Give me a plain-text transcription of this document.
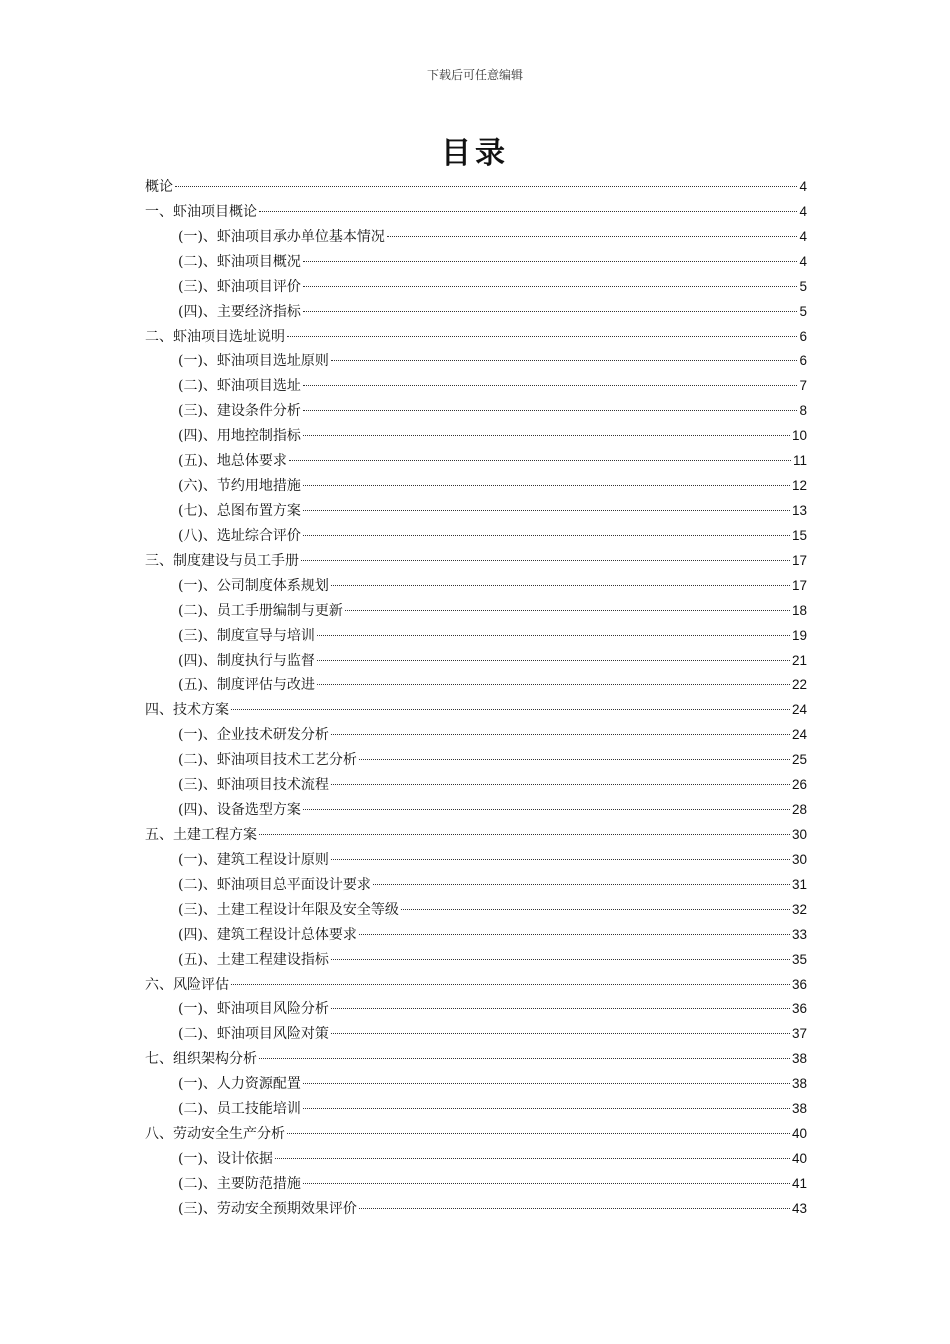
下载后可任意编辑
目录
概论	4
一、虾油项目概论	4
(一)、虾油项目承办单位基本情况	4
(二)、虾油项目概况	4
(三)、虾油项目评价	5
(四)、主要经济指标	5
二、虾油项目选址说明	6
(一)、虾油项目选址原则	6
(二)、虾油项目选址	7
(三)、建设条件分析	8
(四)、用地控制指标	10
(五)、地总体要求	11
(六)、节约用地措施	12
(七)、总图布置方案	13
(八)、选址综合评价	15
三、制度建设与员工手册	17
(一)、公司制度体系规划	17
(二)、员工手册编制与更新	18
(三)、制度宣导与培训	19
(四)、制度执行与监督	21
(五)、制度评估与改进	22
四、技术方案	24
(一)、企业技术研发分析	24
(二)、虾油项目技术工艺分析	25
(三)、虾油项目技术流程	26
(四)、设备选型方案	28
五、土建工程方案	30
(一)、建筑工程设计原则	30
(二)、虾油项目总平面设计要求	31
(三)、土建工程设计年限及安全等级	32
(四)、建筑工程设计总体要求	33
(五)、土建工程建设指标	35
六、风险评估	36
(一)、虾油项目风险分析	36
(二)、虾油项目风险对策	37
七、组织架构分析	38
(一)、人力资源配置	38
(二)、员工技能培训	38
八、劳动安全生产分析	40
(一)、设计依据	40
(二)、主要防范措施	41
(三)、劳动安全预期效果评价	43
